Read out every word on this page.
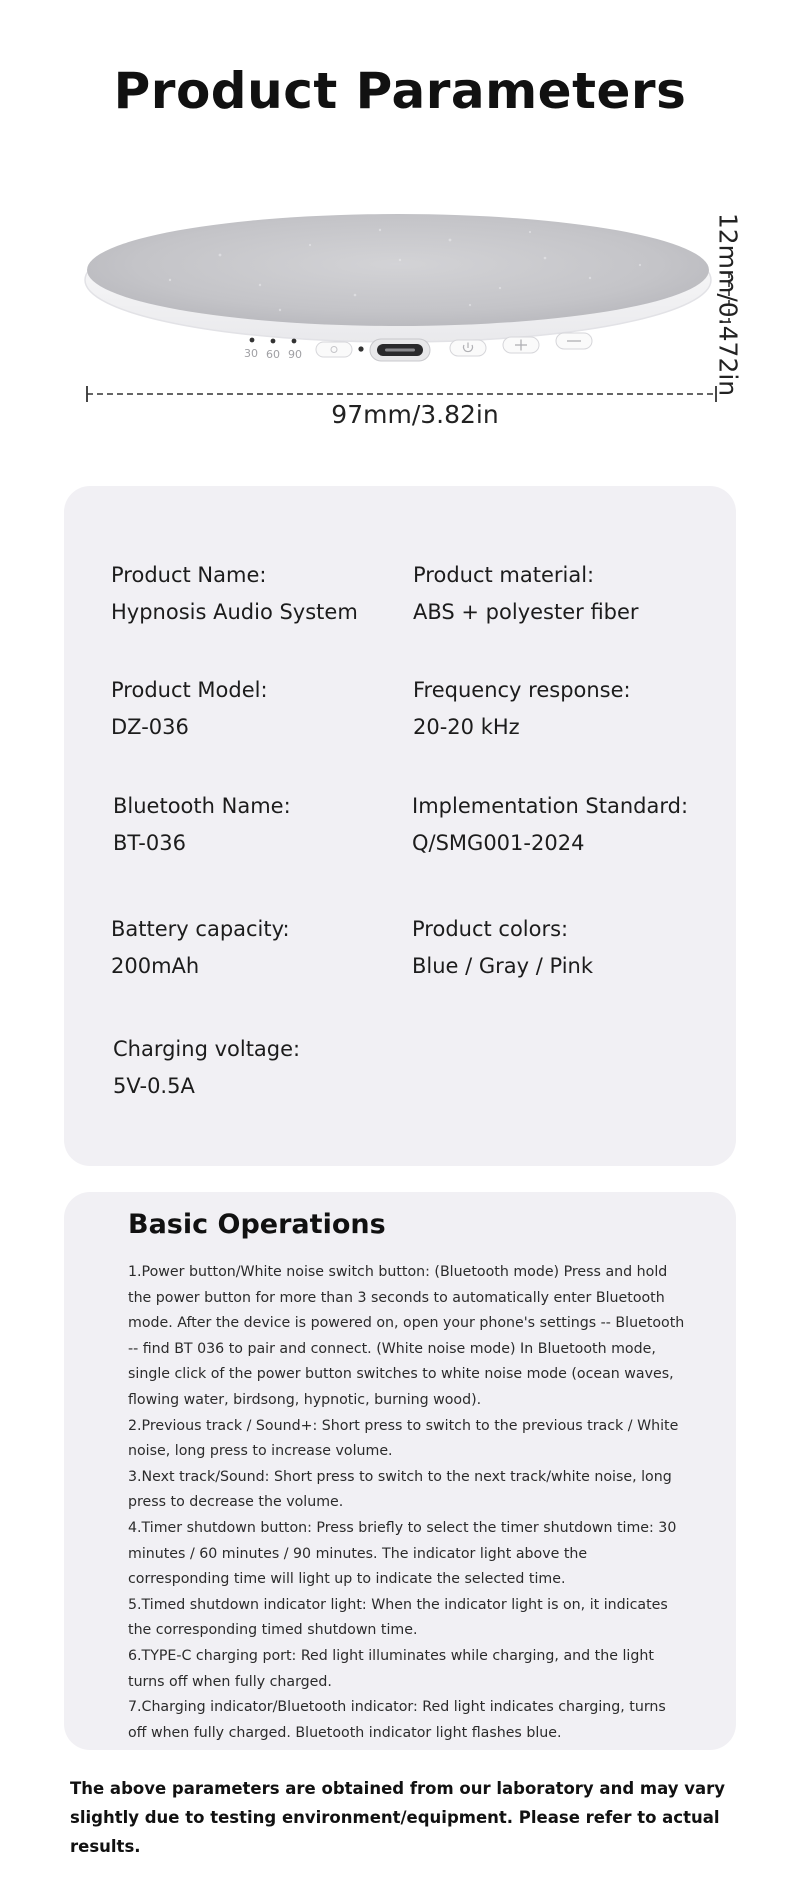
Product Parameters
30 60 90	12mm/0.472in
97mm/3.82in
Product Name:
Hypnosis Audio System
Product material:
ABS + polyester fiber
Product Model:
DZ-036
Frequency response:
20-20 kHz
Bluetooth Name:
BT-036
Implementation Standard:
Q/SMG001-2024
Battery capacity:
200mAh
Product colors:
Blue / Gray / Pink
Charging voltage:
5V-0.5A
Basic Operations
1.Power button/White noise switch button: (Bluetooth mode) Press and hold the power button for more than 3 seconds to automatically enter Bluetooth mode. After the device is powered on, open your phone's settings -- Bluetooth -- find BT 036 to pair and connect. (White noise mode) In Bluetooth mode, single click of the power button switches to white noise mode (ocean waves, flowing water, birdsong, hypnotic, burning wood).
2.Previous track / Sound+: Short press to switch to the previous track / White noise, long press to increase volume.
3.Next track/Sound: Short press to switch to the next track/white noise, long press to decrease the volume.
4.Timer shutdown button: Press briefly to select the timer shutdown time: 30 minutes / 60 minutes / 90 minutes. The indicator light above the corresponding time will light up to indicate the selected time.
5.Timed shutdown indicator light: When the indicator light is on, it indicates the corresponding timed shutdown time.
6.TYPE-C charging port: Red light illuminates while charging, and the light turns off when fully charged.
7.Charging indicator/Bluetooth indicator: Red light indicates charging, turns off when fully charged. Bluetooth indicator light flashes blue.

The above parameters are obtained from our laboratory and may vary slightly due to testing environment/equipment. Please refer to actual results.
